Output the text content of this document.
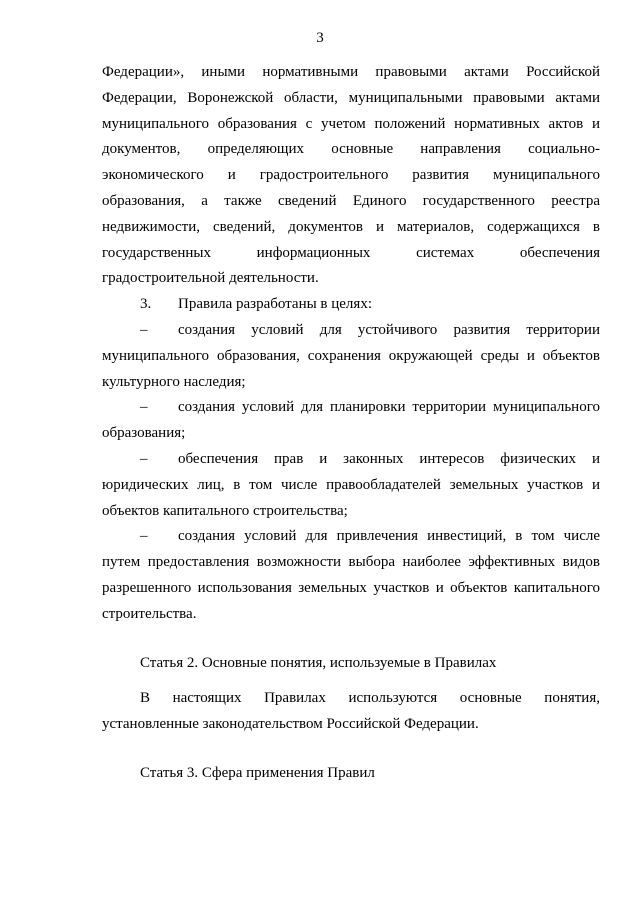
3

Федерации», иными нормативными правовыми актами Российской Федерации, Воронежской области, муниципальными правовыми актами муниципального образования с учетом положений нормативных актов и документов, определяющих основные направления социально-экономического и градостроительного развития муниципального образования, а также сведений Единого государственного реестра недвижимости, сведений, документов и материалов, содержащихся в государственных информационных системах обеспечения градостроительной деятельности.

3. Правила разработаны в целях:

– создания условий для устойчивого развития территории муниципального образования, сохранения окружающей среды и объектов культурного наследия;

– создания условий для планировки территории муниципального образования;

– обеспечения прав и законных интересов физических и юридических лиц, в том числе правообладателей земельных участков и объектов капитального строительства;

– создания условий для привлечения инвестиций, в том числе путем предоставления возможности выбора наиболее эффективных видов разрешенного использования земельных участков и объектов капитального строительства.

Статья 2. Основные понятия, используемые в Правилах

В настоящих Правилах используются основные понятия, установленные законодательством Российской Федерации.

Статья 3. Сфера применения Правил
